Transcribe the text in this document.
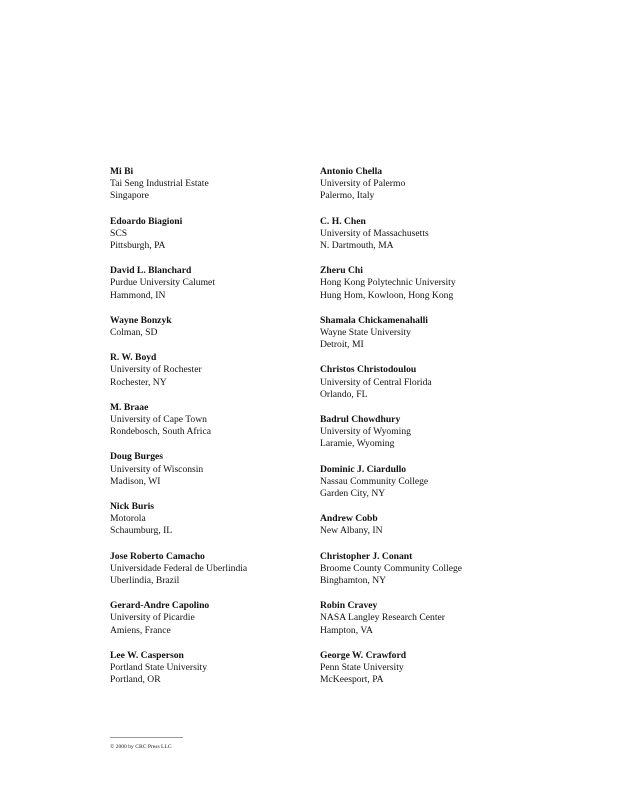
Mi Bi
Tai Seng Industrial Estate
Singapore
Edoardo Biagioni
SCS
Pittsburgh, PA
David L. Blanchard
Purdue University Calumet
Hammond, IN
Wayne Bonzyk
Colman, SD
R. W. Boyd
University of Rochester
Rochester, NY
M. Braae
University of Cape Town
Rondebosch, South Africa
Doug Burges
University of Wisconsin
Madison, WI
Nick Buris
Motorola
Schaumburg, IL
Jose Roberto Camacho
Universidade Federal de Uberlindia
Uberlindia, Brazil
Gerard-Andre Capolino
University of Picardie
Amiens, France
Lee W. Casperson
Portland State University
Portland, OR
Antonio Chella
University of Palermo
Palermo, Italy
C. H. Chen
University of Massachusetts
N. Dartmouth, MA
Zheru Chi
Hong Kong Polytechnic University
Hung Hom, Kowloon, Hong Kong
Shamala Chickamenahalli
Wayne State University
Detroit, MI
Christos Christodoulou
University of Central Florida
Orlando, FL
Badrul Chowdhury
University of Wyoming
Laramie, Wyoming
Dominic J. Ciardullo
Nassau Community College
Garden City, NY
Andrew Cobb
New Albany, IN
Christopher J. Conant
Broome County Community College
Binghamton, NY
Robin Cravey
NASA Langley Research Center
Hampton, VA
George W. Crawford
Penn State University
McKeesport, PA
© 2000 by CRC Press LLC
